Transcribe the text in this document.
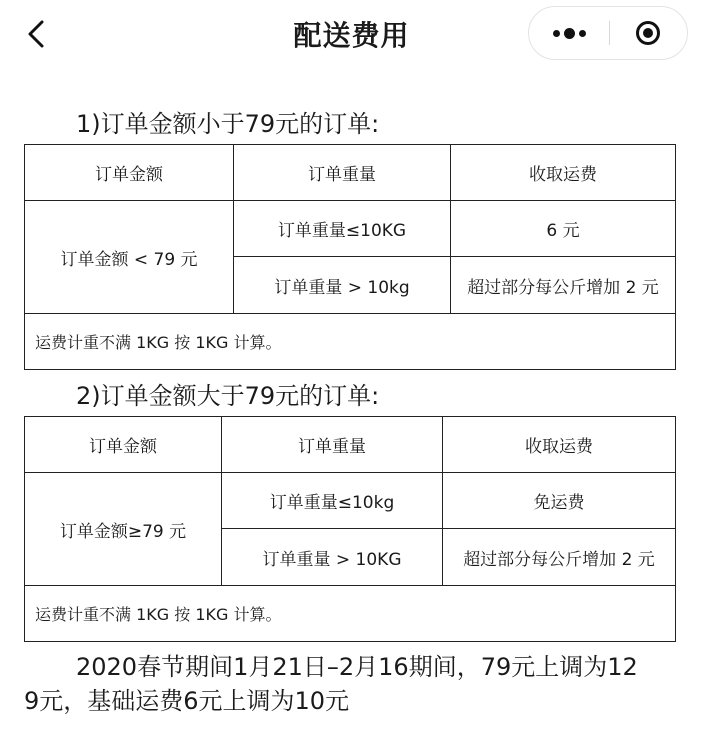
配送费用
1)订单金额小于79元的订单:
订单金额	订单重量	收取运费
订单金额 < 79 元	订单重量≤10KG	6 元
	订单重量 > 10kg	超过部分每公斤增加 2 元
运费计重不满 1KG 按 1KG 计算。		
2)订单金额大于79元的订单:
订单金额	订单重量	收取运费
订单金额≥79 元	订单重量≤10kg	免运费
	订单重量 > 10KG	超过部分每公斤增加 2 元
运费计重不满 1KG 按 1KG 计算。		
2020春节期间1月21日–2月16期间，79元上调为12
9元，基础运费6元上调为10元
